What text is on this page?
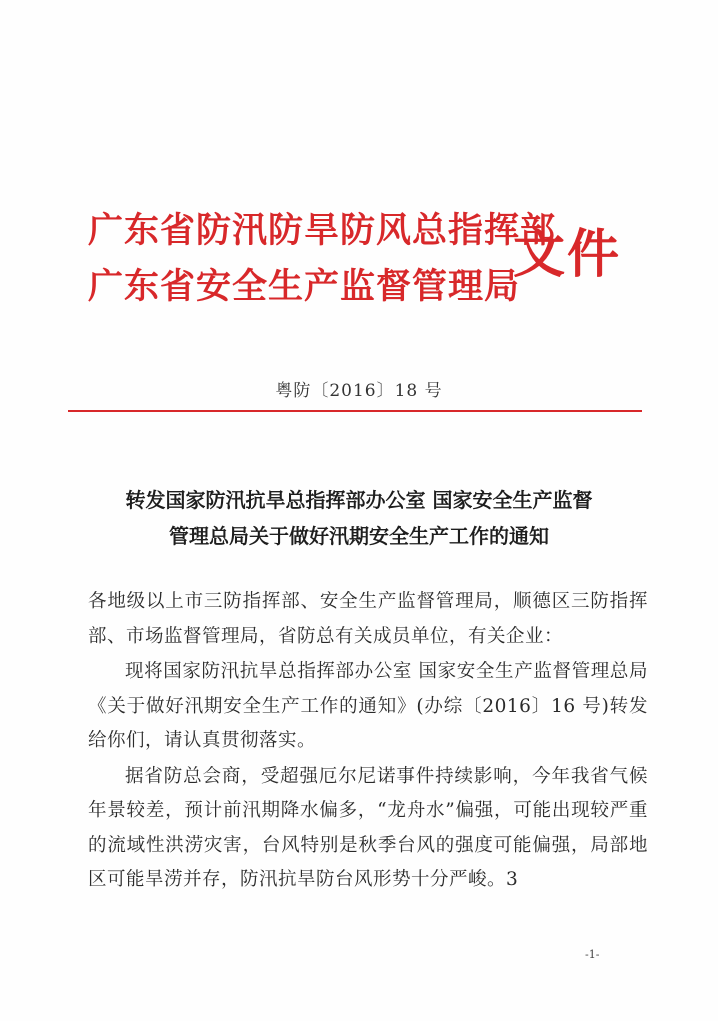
广东省防汛防旱防风总指挥部
广东省安全生产监督管理局
文件
粤防〔2016〕18 号
转发国家防汛抗旱总指挥部办公室 国家安全生产监督
管理总局关于做好汛期安全生产工作的通知

各地级以上市三防指挥部、安全生产监督管理局，顺德区三防指挥部、市场监督管理局，省防总有关成员单位，有关企业：

现将国家防汛抗旱总指挥部办公室 国家安全生产监督管理总局《关于做好汛期安全生产工作的通知》(办综〔2016〕16 号)转发给你们，请认真贯彻落实。

据省防总会商，受超强厄尔尼诺事件持续影响，今年我省气候年景较差，预计前汛期降水偏多，“龙舟水”偏强，可能出现较严重的流域性洪涝灾害，台风特别是秋季台风的强度可能偏强，局部地区可能旱涝并存，防汛抗旱防台风形势十分严峻。3

-1-
